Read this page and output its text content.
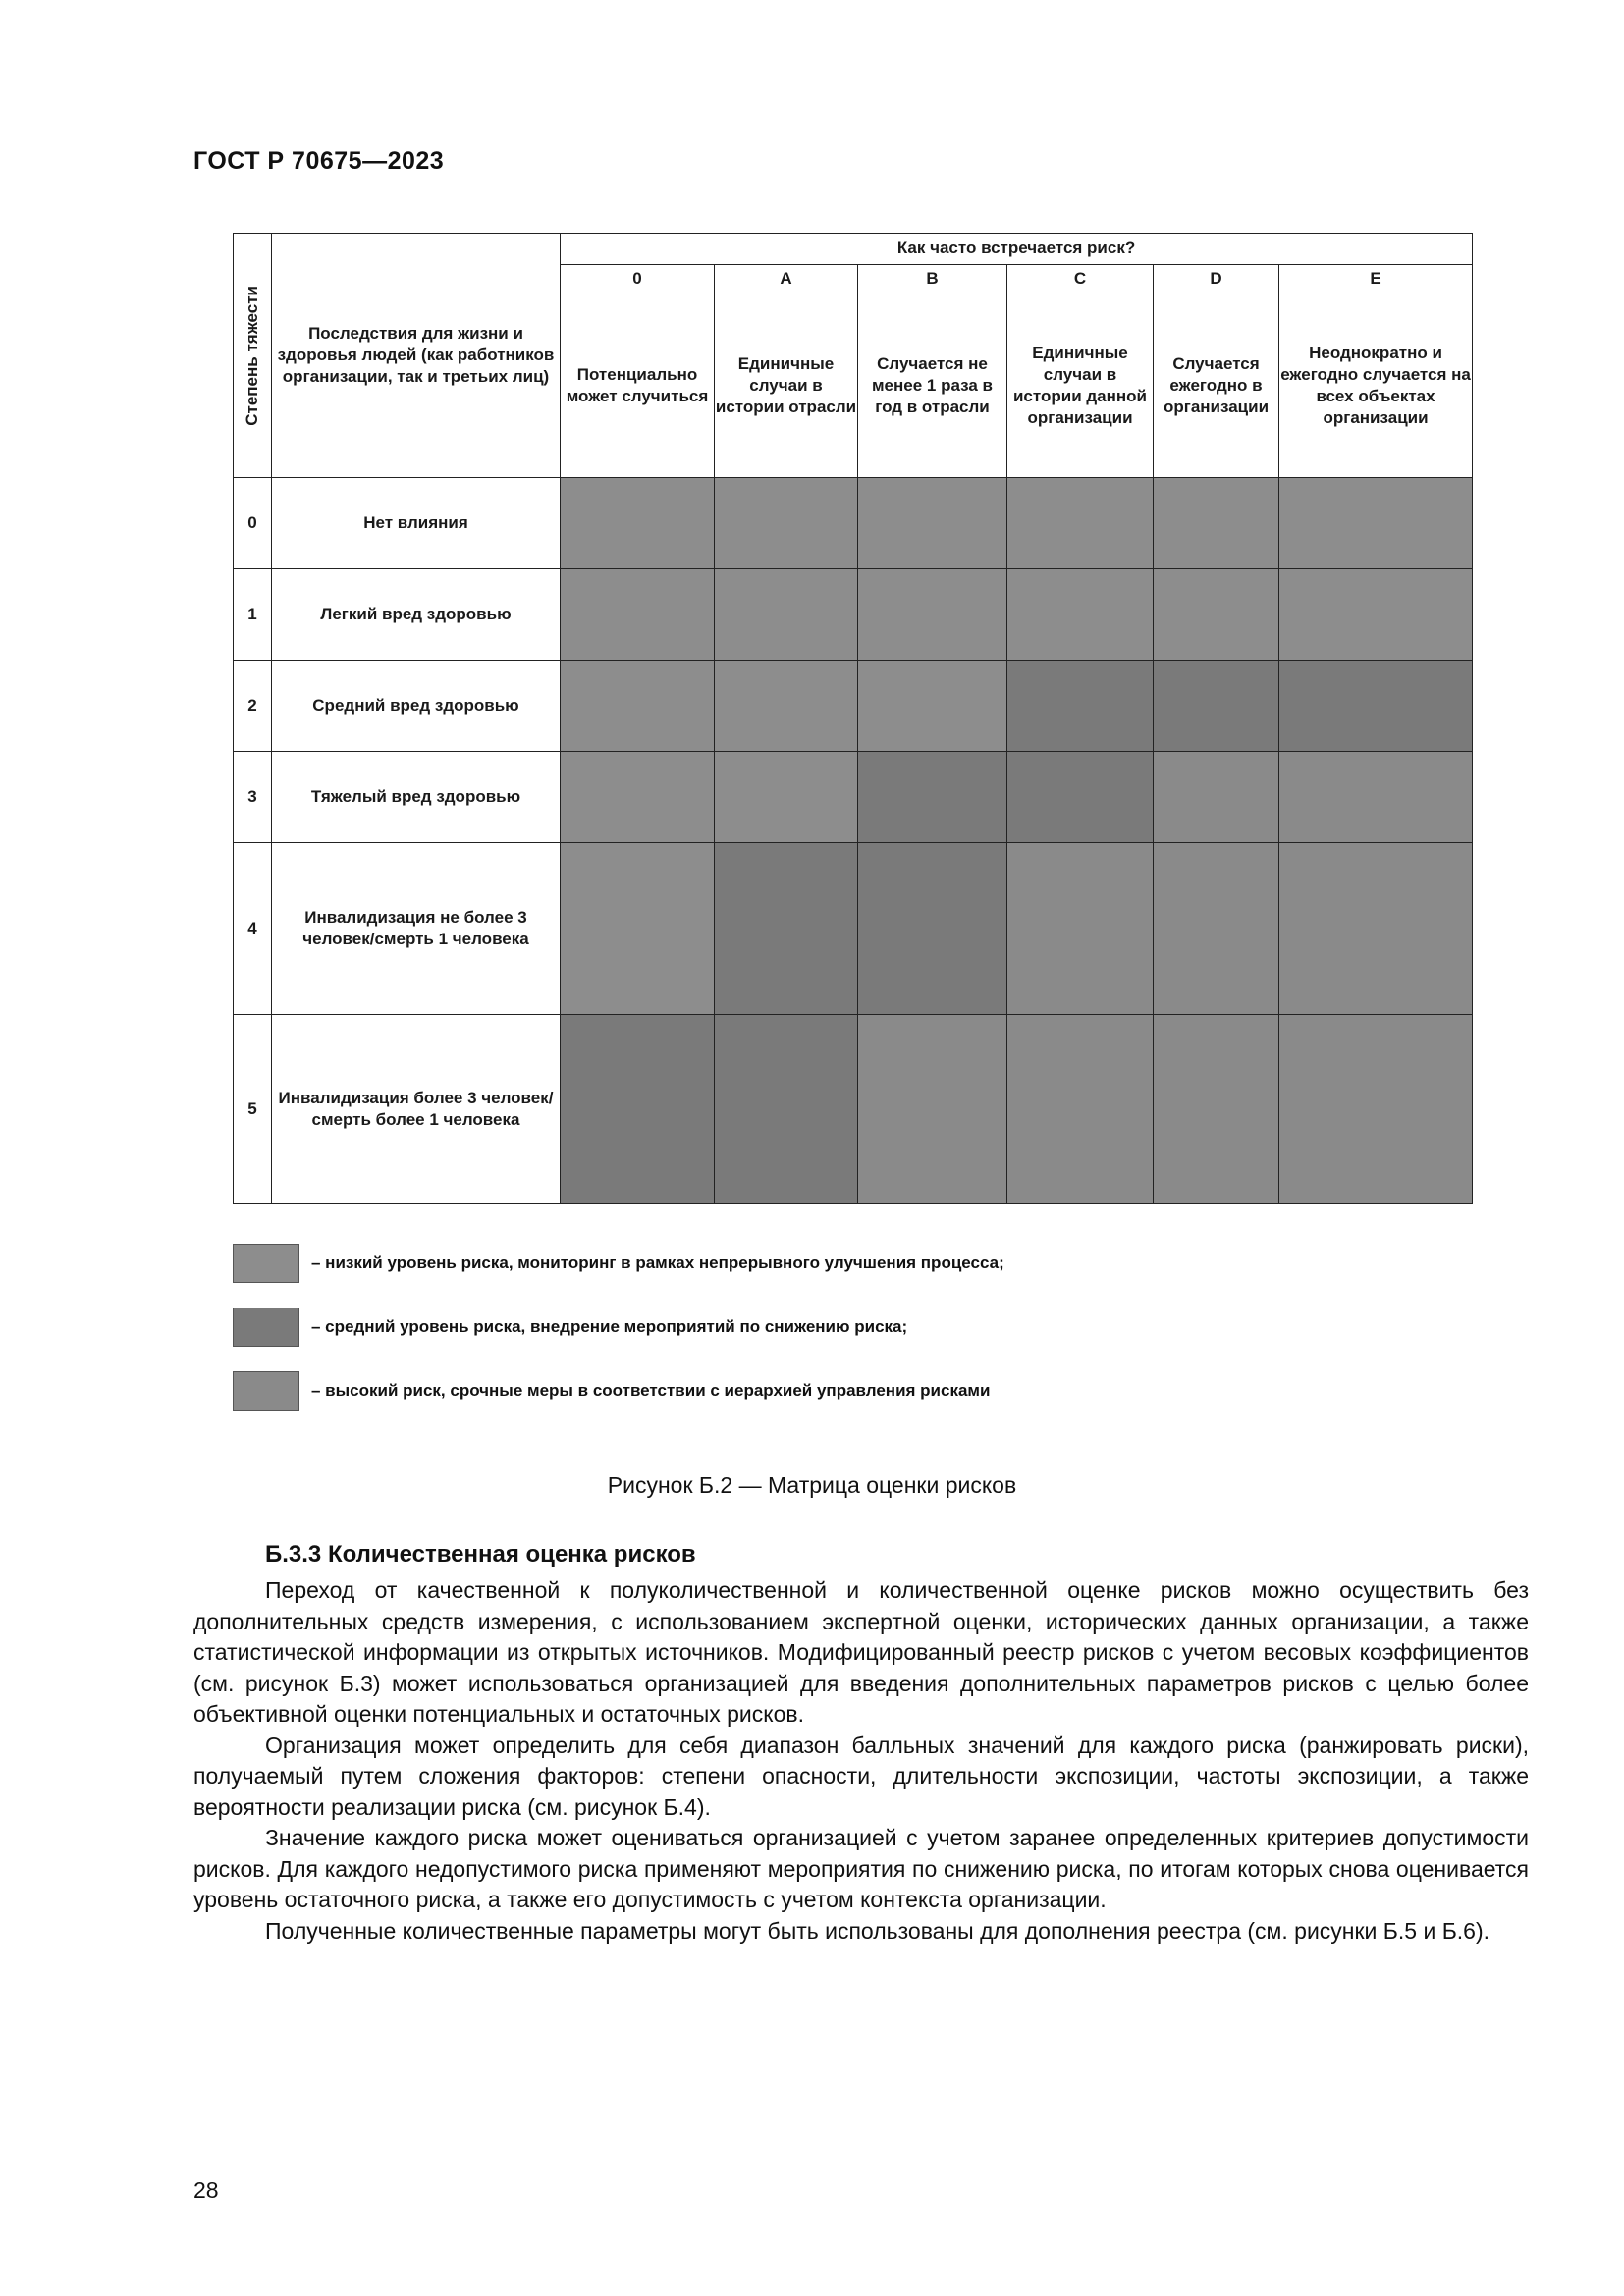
ГОСТ Р 70675—2023
Степень тяжести	Последствия для жизни и здоровья людей (как работников организации, так и третьих лиц)	Как часто встречается риск?					
		0	A	B	C	D	E
		Потенциально может случиться	Единичные случаи в истории отрасли	Случается не менее 1 раза в год в отрасли	Единичные случаи в истории данной организации	Случается ежегодно в организации	Неоднократно и ежегодно случается на всех объектах организации
0	Нет влияния						
1	Легкий вред здоровью						
2	Средний вред здоровью						
3	Тяжелый вред здоровью						
4	Инвалидизация не более 3 человек/смерть 1 человека						
5	Инвалидизация более 3 человек/смерть более 1 человека						
– низкий уровень риска, мониторинг в рамках непрерывного улучшения процесса;
– средний уровень риска, внедрение мероприятий по снижению риска;
– высокий риск, срочные меры в соответствии с иерархией управления рисками
Рисунок Б.2 — Матрица оценки рисков
Б.3.3 Количественная оценка рисков

Переход от качественной к полуколичественной и количественной оценке рисков можно осуществить без дополнительных средств измерения, с использованием экспертной оценки, исторических данных организации, а также статистической информации из открытых источников. Модифицированный реестр рисков с учетом весовых коэффициентов (см. рисунок Б.3) может использоваться организацией для введения дополнительных параметров рисков с целью более объективной оценки потенциальных и остаточных рисков.

Организация может определить для себя диапазон балльных значений для каждого риска (ранжировать риски), получаемый путем сложения факторов: степени опасности, длительности экспозиции, частоты экспозиции, а также вероятности реализации риска (см. рисунок Б.4).

Значение каждого риска может оцениваться организацией с учетом заранее определенных критериев допустимости рисков. Для каждого недопустимого риска применяют мероприятия по снижению риска, по итогам которых снова оценивается уровень остаточного риска, а также его допустимость с учетом контекста организации.

Полученные количественные параметры могут быть использованы для дополнения реестра (см. рисунки Б.5 и Б.6).

28
